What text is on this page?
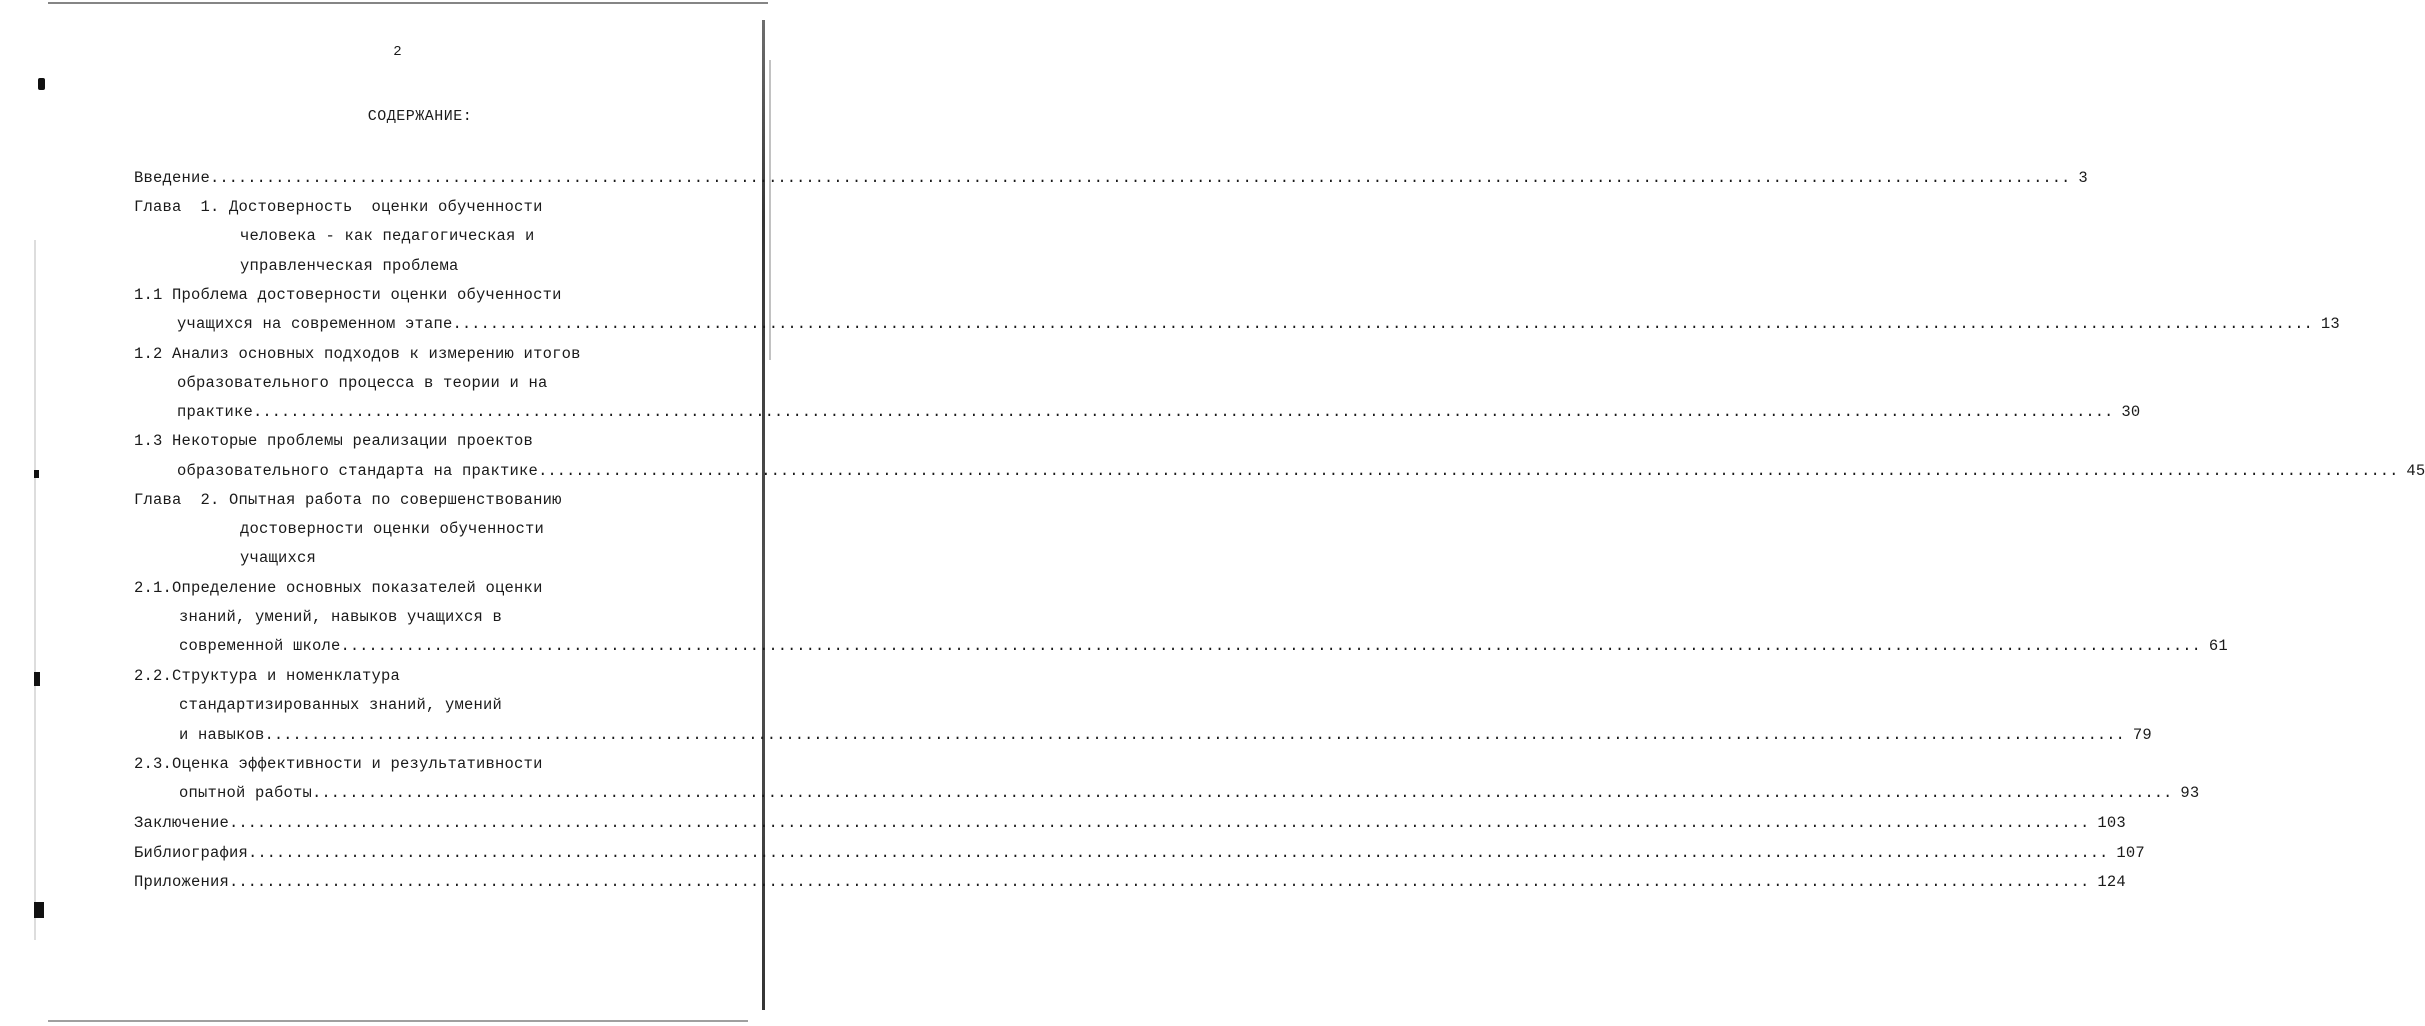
2
СОДЕРЖАНИЕ:
Введение ........................................................................................................................................................................................................ 3
Глава  1. Достоверность  оценки обученности
человека - как педагогическая и
управленческая проблема
1.1 Проблема достоверности оценки обученности
учащихся на современном этапе ........................................................................................................................................................................................................ 13
1.2 Анализ основных подходов к измерению итогов
образовательного процесса в теории и на
практике ........................................................................................................................................................................................................ 30
1.3 Некоторые проблемы реализации проектов
образовательного стандарта на практике ........................................................................................................................................................................................................ 45
Глава  2. Опытная работа по совершенствованию
достоверности оценки обученности
учащихся
2.1.Определение основных показателей оценки
знаний, умений, навыков учащихся в
современной школе ........................................................................................................................................................................................................ 61
2.2.Структура и номенклатура
стандартизированных знаний, умений
и навыков ........................................................................................................................................................................................................ 79
2.3.Оценка эффективности и результативности
опытной работы ........................................................................................................................................................................................................ 93
Заключение ........................................................................................................................................................................................................ 103
Библиография ........................................................................................................................................................................................................ 107
Приложения ........................................................................................................................................................................................................ 124
